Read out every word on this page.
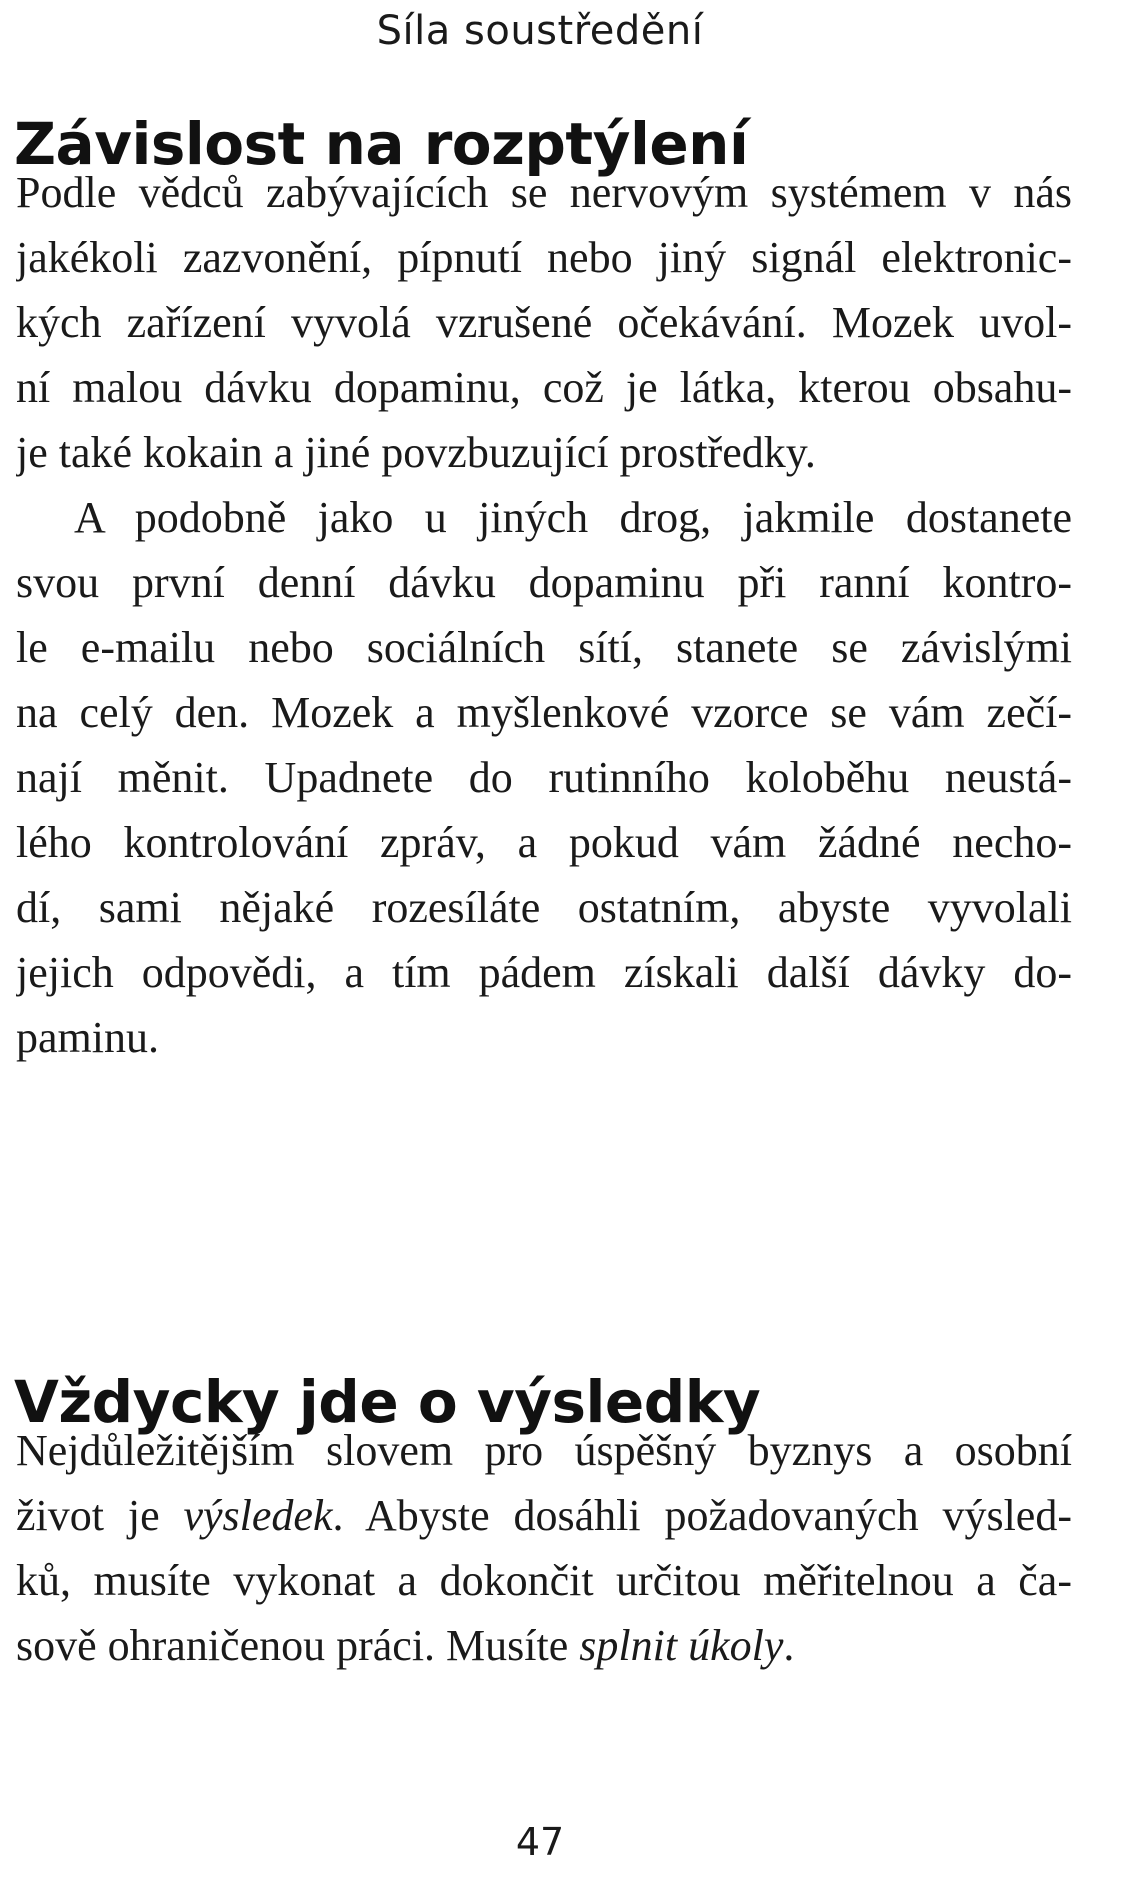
Síla soustředění
Závislost na rozptýlení
Podle vědců zabývajících se nervovým systémem v nás
jakékoli zazvonění, pípnutí nebo jiný signál elektronic-
kých zařízení vyvolá vzrušené očekávání. Mozek uvol-
ní malou dávku dopaminu, což je látka, kterou obsahu-
je také kokain a jiné povzbuzující prostředky.
A podobně jako u jiných drog, jakmile dostanete
svou první denní dávku dopaminu při ranní kontro-
le e-mailu nebo sociálních sítí, stanete se závislými
na celý den. Mozek a myšlenkové vzorce se vám zečí-
nají měnit. Upadnete do rutinního koloběhu neustá-
lého kontrolování zpráv, a pokud vám žádné necho-
dí, sami nějaké rozesíláte ostatním, abyste vyvolali
jejich odpovědi, a tím pádem získali další dávky do-
paminu.
Vždycky jde o výsledky
Nejdůležitějším slovem pro úspěšný byznys a osobní
život je výsledek. Abyste dosáhli požadovaných výsled-
ků, musíte vykonat a dokončit určitou měřitelnou a ča-
sově ohraničenou práci. Musíte splnit úkoly.
47
